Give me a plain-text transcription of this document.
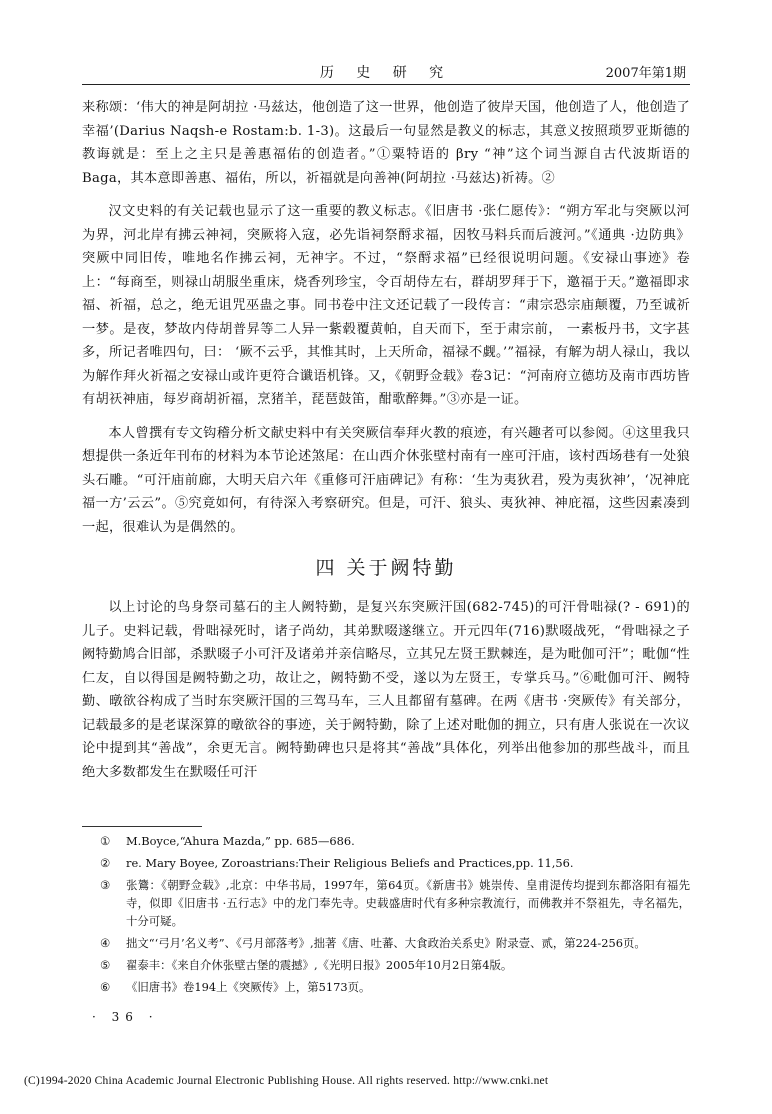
历 史 研 究	2007年第1期

来称颂：‘伟大的神是阿胡拉 ·马兹达，他创造了这一世界，他创造了彼岸天国，他创造了人，他创造了幸福’(Darius Naqsh-e Rostam:b. 1-3)。这最后一句显然是教义的标志，其意义按照琐罗亚斯德的教诲就是：至上之主只是善惠福佑的创造者。”①粟特语的 βry “神”这个词当源自古代波斯语的 Baga，其本意即善惠、福佑，所以，祈福就是向善神(阿胡拉 ·马兹达)祈祷。②

汉文史料的有关记载也显示了这一重要的教义标志。《旧唐书 ·张仁愿传》：“朔方军北与突厥以河为界，河北岸有拂云神祠，突厥将入寇，必先诣祠祭酹求福，因牧马料兵而后渡河。”《通典 ·边防典》突厥中同旧传，唯地名作拂云祠，无神字。不过，“祭酹求福”已经很说明问题。《安禄山事迹》卷上：“每商至，则禄山胡服坐重床，烧香列珍宝，令百胡侍左右，群胡罗拜于下，邀福于天。”邀福即求福、祈福，总之，绝无诅咒巫蛊之事。同书卷中注文还记载了一段传言：“肃宗恐宗庙颠覆，乃至诚祈一梦。是夜，梦故内侍胡普昇等二人异一紫毂覆黄帕，自天而下，至于肃宗前， 一素板丹书，文字甚多，所记者唯四句，曰： ‘厥不云乎，其惟其时，上天所命，福禄不觑。’”福禄，有解为胡人禄山，我以为解作拜火祈福之安禄山或许更符合谶语机锋。又，《朝野佥载》卷3记：“河南府立德坊及南市西坊皆有胡祆神庙，每岁商胡祈福，烹猪羊，琵琶鼓笛，酣歌醉舞。”③亦是一证。

本人曾撰有专文钩稽分析文献史料中有关突厥信奉拜火教的痕迹，有兴趣者可以参阅。④这里我只想提供一条近年刊布的材料为本节论述煞尾：在山西介休张壁村南有一座可汗庙，该村西场巷有一处狼头石雕。“可汗庙前廊，大明天启六年《重修可汗庙碑记》有称：‘生为夷狄君，殁为夷狄神’，‘况神庇福一方’云云”。⑤究竟如何，有待深入考察研究。但是，可汗、狼头、夷狄神、神庇福，这些因素凑到一起，很难认为是偶然的。

四 关于阙特勤

以上讨论的鸟身祭司墓石的主人阙特勤，是复兴东突厥汗国(682-745)的可汗骨咄禄(? - 691)的儿子。史料记载，骨咄禄死时，诸子尚幼，其弟默啜遂继立。开元四年(716)默啜战死，“骨咄禄之子阙特勤鸠合旧部，杀默啜子小可汗及诸弟并亲信略尽，立其兄左贤王默棘连，是为毗伽可汗”；毗伽“性仁友，自以得国是阙特勤之功，故让之，阙特勤不受，遂以为左贤王，专掌兵马。”⑥毗伽可汗、阙特勤、暾欲谷构成了当时东突厥汗国的三驾马车，三人且都留有墓碑。在两《唐书 ·突厥传》有关部分，记载最多的是老谋深算的暾欲谷的事迹，关于阙特勤，除了上述对毗伽的拥立，只有唐人张说在一次议论中提到其“善战”，余更无言。阙特勤碑也只是将其“善战”具体化，列举出他参加的那些战斗，而且绝大多数都发生在默啜任可汗

①	M.Boyce,“Ahura Mazda,” pp. 685—686.
②	re. Mary Boyee, Zoroastrians:Their Religious Beliefs and Practices,pp. 11,56.
③	张鷟：《朝野佥载》,北京：中华书局，1997年，第64页。《新唐书》姚崇传、皇甫湜传均提到东都洛阳有福先寺，似即《旧唐书 ·五行志》中的龙门奉先寺。史载盛唐时代有多种宗教流行，而佛教并不祭祖先，寺名福先，十分可疑。
④	拙文“‘弓月’名义考”、《弓月部落考》,拙著《唐、吐蕃、大食政治关系史》附录壹、贰，第224-256页。
⑤	翟泰丰：《来自介休张壁古堡的震撼》,《光明日报》2005年10月2日第4版。
⑥	《旧唐书》卷194上《突厥传》上，第5173页。
· 36 ·
(C)1994-2020 China Academic Journal Electronic Publishing House. All rights reserved. http://www.cnki.net
